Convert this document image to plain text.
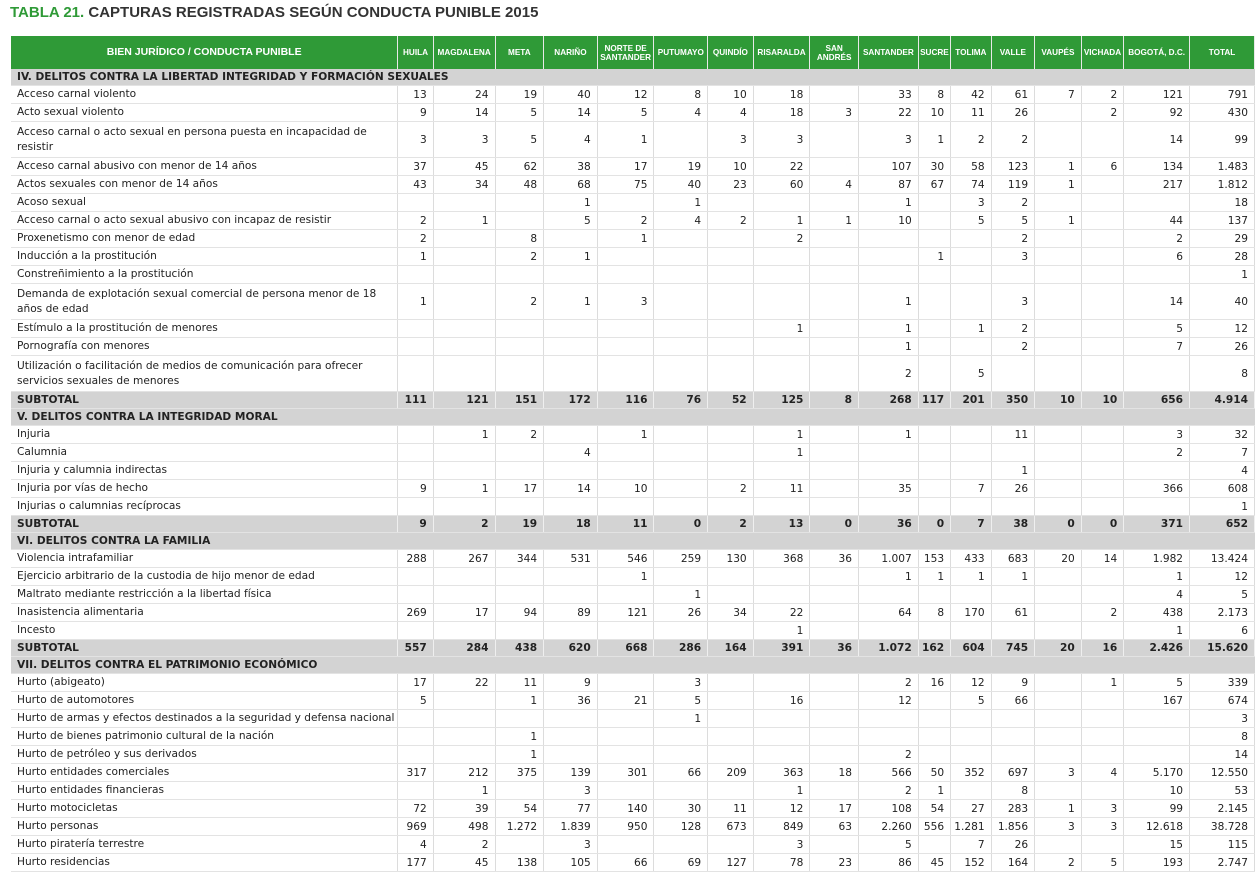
TABLA 21. CAPTURAS REGISTRADAS SEGÚN CONDUCTA PUNIBLE 2015
BIEN JURÍDICO / CONDUCTA PUNIBLE	HUILA	MAGDALENA	META	NARIÑO	NORTE DE SANTANDER	PUTUMAYO	QUINDÍO	RISARALDA	SAN ANDRÉS	SANTANDER	SUCRE	TOLIMA	VALLE	VAUPÉS	VICHADA	BOGOTÁ, D.C.	TOTAL
IV. DELITOS CONTRA LA LIBERTAD INTEGRIDAD Y FORMACIÓN SEXUALES																	
Acceso carnal violento	13	24	19	40	12	8	10	18		33	8	42	61	7	2	121	791
Acto sexual violento	9	14	5	14	5	4	4	18	3	22	10	11	26		2	92	430
Acceso carnal o acto sexual en persona puesta en incapacidad de resistir	3	3	5	4	1		3	3		3	1	2	2			14	99
Acceso carnal abusivo con menor de 14 años	37	45	62	38	17	19	10	22		107	30	58	123	1	6	134	1.483
Actos sexuales con menor de 14 años	43	34	48	68	75	40	23	60	4	87	67	74	119	1		217	1.812
Acoso sexual				1		1				1		3	2				18
Acceso carnal o acto sexual abusivo con incapaz de resistir	2	1		5	2	4	2	1	1	10		5	5	1		44	137
Proxenetismo con menor de edad	2		8		1			2					2			2	29
Inducción a la prostitución	1		2	1							1		3			6	28
Constreñimiento a la prostitución																	1
Demanda de explotación sexual comercial de persona menor de 18 años de edad	1		2	1	3					1			3			14	40
Estímulo a la prostitución de menores								1		1		1	2			5	12
Pornografía con menores										1			2			7	26
Utilización o facilitación de medios de comunicación para ofrecer servicios sexuales de menores										2		5					8
SUBTOTAL	111	121	151	172	116	76	52	125	8	268	117	201	350	10	10	656	4.914
V. DELITOS CONTRA LA INTEGRIDAD MORAL																	
Injuria		1	2		1			1		1			11			3	32
Calumnia				4				1								2	7
Injuria y calumnia indirectas													1				4
Injuria por vías de hecho	9	1	17	14	10		2	11		35		7	26			366	608
Injurias o calumnias recíprocas																	1
SUBTOTAL	9	2	19	18	11	0	2	13	0	36	0	7	38	0	0	371	652
VI. DELITOS CONTRA LA FAMILIA																	
Violencia intrafamiliar	288	267	344	531	546	259	130	368	36	1.007	153	433	683	20	14	1.982	13.424
Ejercicio arbitrario de la custodia de hijo menor de edad					1					1	1	1	1			1	12
Maltrato mediante restricción a la libertad física						1										4	5
Inasistencia alimentaria	269	17	94	89	121	26	34	22		64	8	170	61		2	438	2.173
Incesto								1								1	6
SUBTOTAL	557	284	438	620	668	286	164	391	36	1.072	162	604	745	20	16	2.426	15.620
VII. DELITOS CONTRA EL PATRIMONIO ECONÓMICO																	
Hurto (abigeato)	17	22	11	9		3				2	16	12	9		1	5	339
Hurto de automotores	5		1	36	21	5		16		12		5	66			167	674
Hurto de armas y efectos destinados a la seguridad y defensa nacional						1											3
Hurto de bienes patrimonio cultural de la nación			1														8
Hurto de petróleo y sus derivados			1							2							14
Hurto entidades comerciales	317	212	375	139	301	66	209	363	18	566	50	352	697	3	4	5.170	12.550
Hurto entidades financieras		1		3				1		2	1		8			10	53
Hurto motocicletas	72	39	54	77	140	30	11	12	17	108	54	27	283	1	3	99	2.145
Hurto personas	969	498	1.272	1.839	950	128	673	849	63	2.260	556	1.281	1.856	3	3	12.618	38.728
Hurto piratería terrestre	4	2		3				3		5		7	26			15	115
Hurto residencias	177	45	138	105	66	69	127	78	23	86	45	152	164	2	5	193	2.747
